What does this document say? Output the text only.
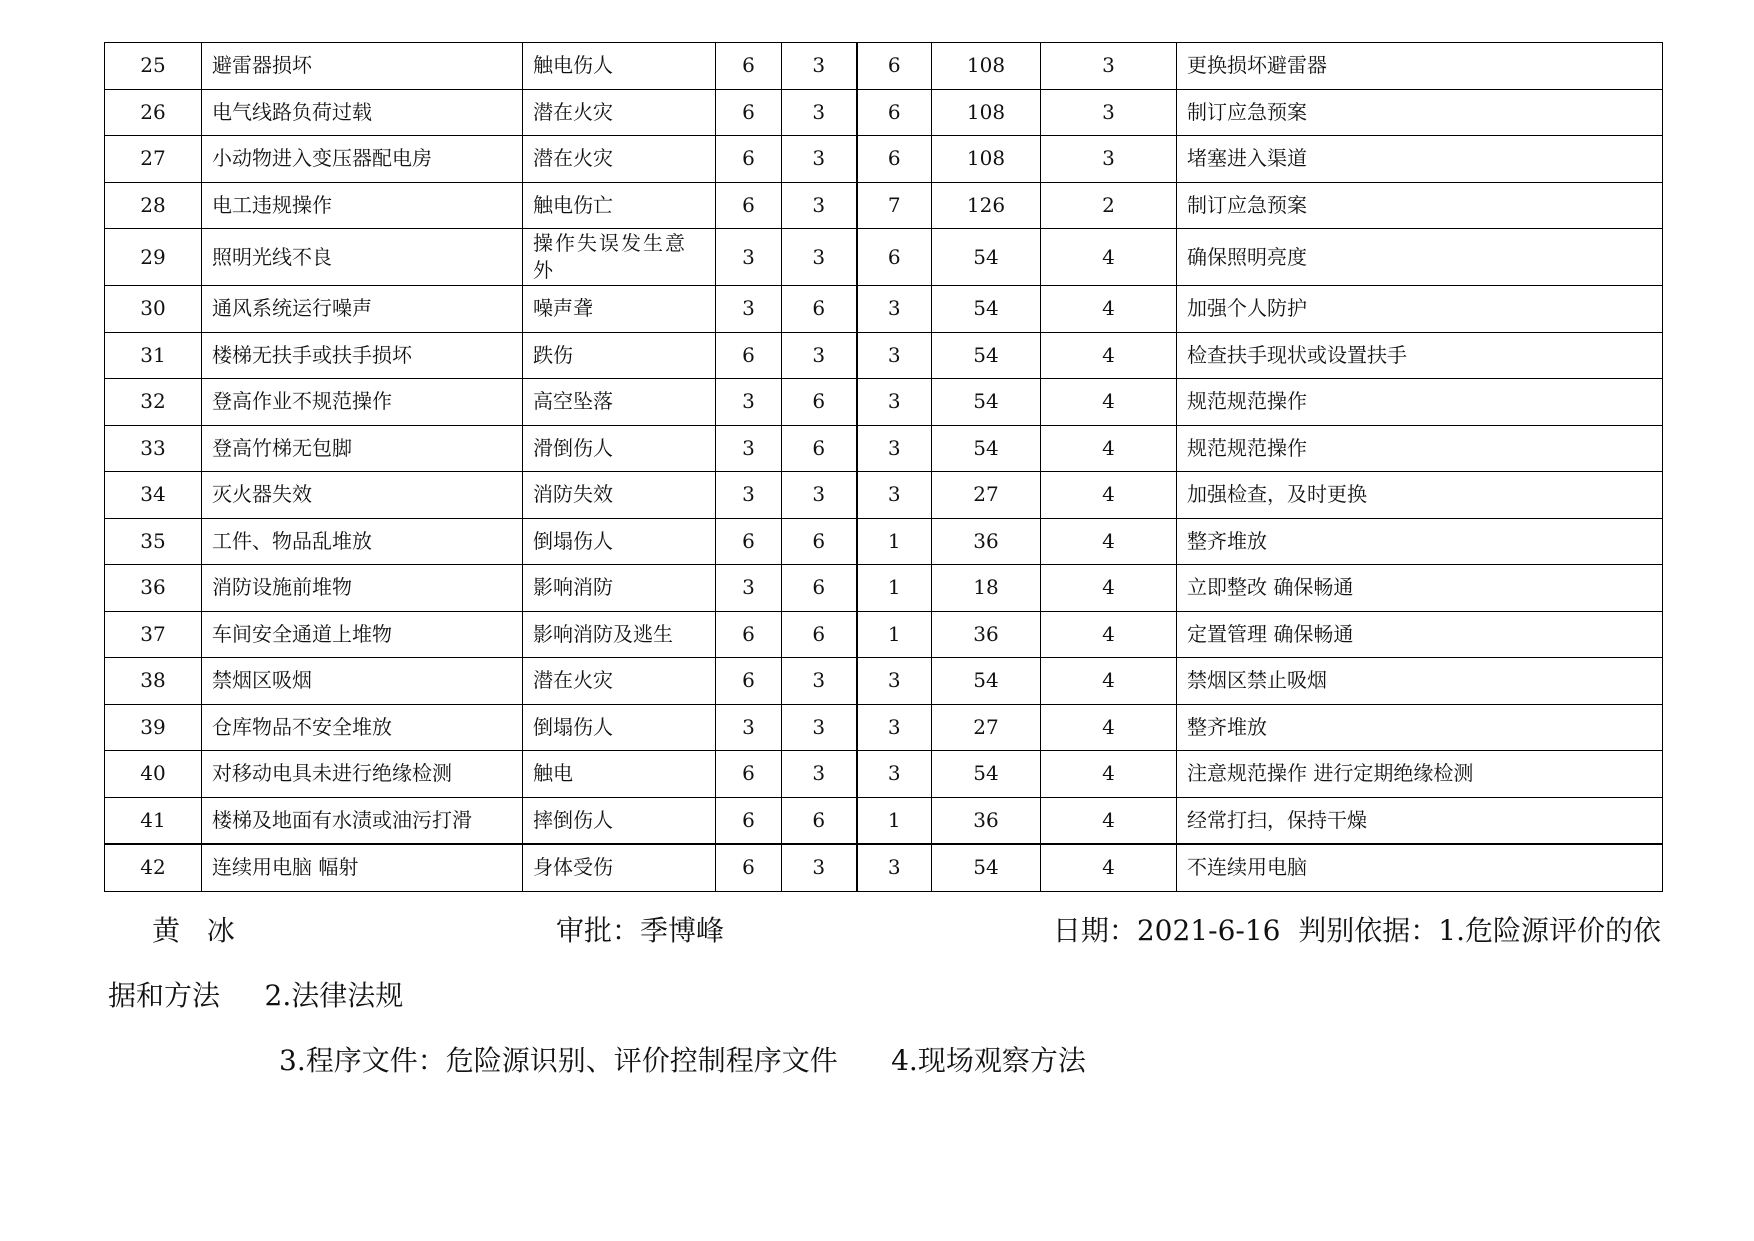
25	避雷器损坏	触电伤人	6	3	6	108	3	更换损坏避雷器
26	电气线路负荷过载	潜在火灾	6	3	6	108	3	制订应急预案
27	小动物进入变压器配电房	潜在火灾	6	3	6	108	3	堵塞进入渠道
28	电工违规操作	触电伤亡	6	3	7	126	2	制订应急预案
29	照明光线不良	操作失误发生意外	3	3	6	54	4	确保照明亮度
30	通风系统运行噪声	噪声聋	3	6	3	54	4	加强个人防护
31	楼梯无扶手或扶手损坏	跌伤	6	3	3	54	4	检查扶手现状或设置扶手
32	登高作业不规范操作	高空坠落	3	6	3	54	4	规范规范操作
33	登高竹梯无包脚	滑倒伤人	3	6	3	54	4	规范规范操作
34	灭火器失效	消防失效	3	3	3	27	4	加强检查，及时更换
35	工件、物品乱堆放	倒塌伤人	6	6	1	36	4	整齐堆放
36	消防设施前堆物	影响消防	3	6	1	18	4	立即整改 确保畅通
37	车间安全通道上堆物	影响消防及逃生	6	6	1	36	4	定置管理 确保畅通
38	禁烟区吸烟	潜在火灾	6	3	3	54	4	禁烟区禁止吸烟
39	仓库物品不安全堆放	倒塌伤人	3	3	3	27	4	整齐堆放
40	对移动电具未进行绝缘检测	触电	6	3	3	54	4	注意规范操作 进行定期绝缘检测
41	楼梯及地面有水渍或油污打滑	摔倒伤人	6	6	1	36	4	经常打扫，保持干燥
42	连续用电脑 幅射	身体受伤	6	3	3	54	4	不连续用电脑
黄   冰	审批：季博峰	日期：2021-6-16  判别依据：1.危险源评价的依
据和方法     2.法律法规
3.程序文件：危险源识别、评价控制程序文件      4.现场观察方法
